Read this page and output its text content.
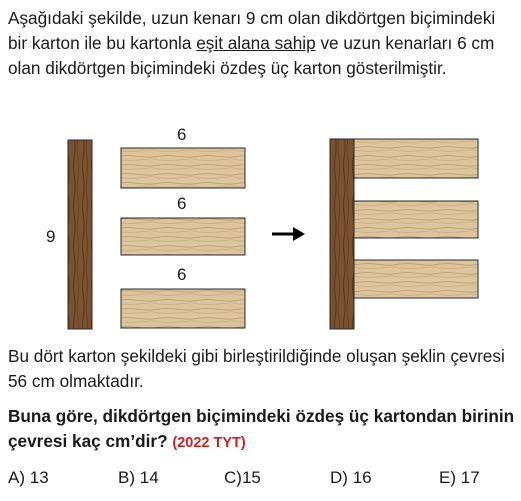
Aşağıdaki şekilde, uzun kenarı 9 cm olan dikdörtgen biçimindeki bir karton ile bu kartonla eşit alana sahip ve uzun kenarları 6 cm olan dikdörtgen biçimindeki özdeş üç karton gösterilmiştir.
9
6
6
6
Bu dört karton şekildeki gibi birleştirildiğinde oluşan şeklin çevresi 56 cm olmaktadır.
Buna göre, dikdörtgen biçimindeki özdeş üç kartondan birinin çevresi kaç cm’dir? (2022 TYT)
A) 13	B) 14	C)15	D) 16	E) 17
